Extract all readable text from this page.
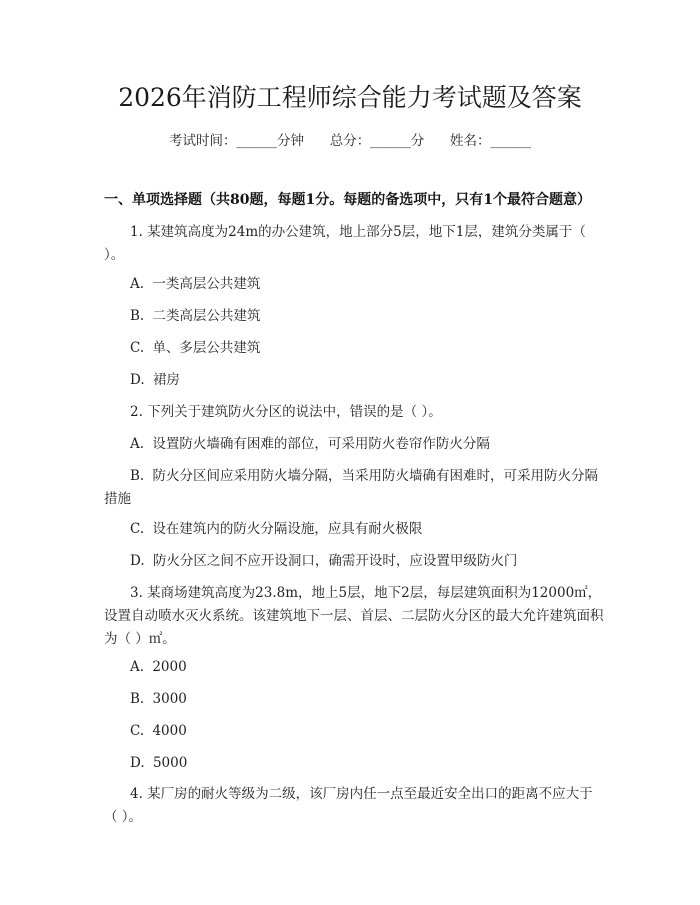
2026年消防工程师综合能力考试题及答案
考试时间：______分钟 总分：______分 姓名：______
一、单项选择题（共80题，每题1分。每题的备选项中，只有1个最符合题意）
1. 某建筑高度为24m的办公建筑，地上部分5层，地下1层，建筑分类属于（ ）。
A. 一类高层公共建筑
B. 二类高层公共建筑
C. 单、多层公共建筑
D. 裙房
2. 下列关于建筑防火分区的说法中，错误的是（ ）。
A. 设置防火墙确有困难的部位，可采用防火卷帘作防火分隔
B. 防火分区间应采用防火墙分隔，当采用防火墙确有困难时，可采用防火分隔措施
C. 设在建筑内的防火分隔设施，应具有耐火极限
D. 防火分区之间不应开设洞口，确需开设时，应设置甲级防火门
3. 某商场建筑高度为23.8m，地上5层，地下2层，每层建筑面积为12000㎡，设置自动喷水灭火系统。该建筑地下一层、首层、二层防火分区的最大允许建筑面积为（ ）㎡。
A. 2000
B. 3000
C. 4000
D. 5000
4. 某厂房的耐火等级为二级，该厂房内任一点至最近安全出口的距离不应大于（ ）。
